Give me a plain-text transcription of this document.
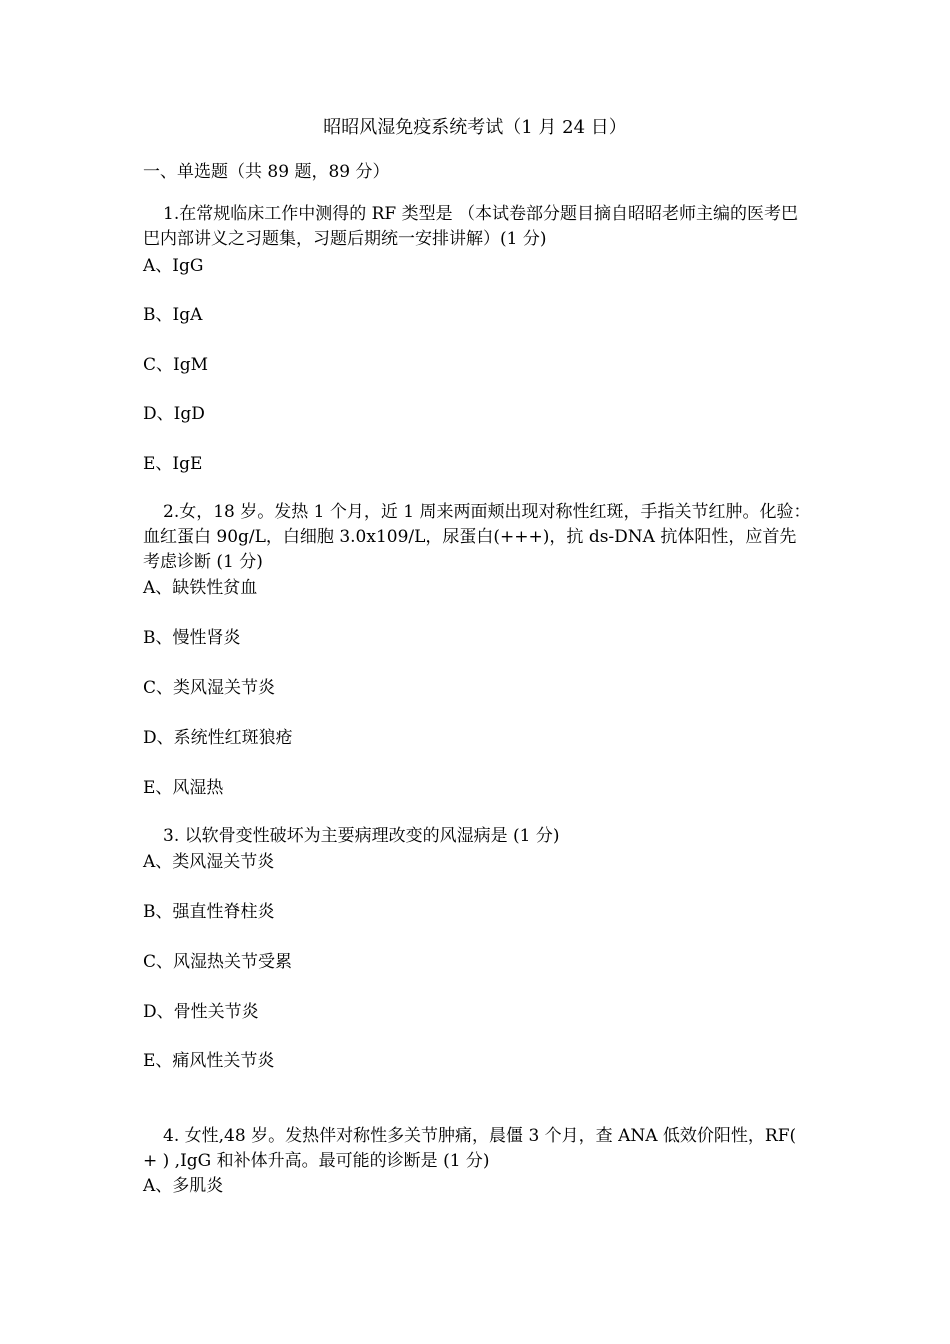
昭昭风湿免疫系统考试（1 月 24 日）
一、单选题（共 89 题，89 分）

1.在常规临床工作中测得的 RF 类型是 （本试卷部分题目摘自昭昭老师主编的医考巴巴内部讲义之习题集，习题后期统一安排讲解）(1 分)

A、IgG
B、IgA
C、IgM
D、IgD
E、IgE

2.女，18 岁。发热 1 个月，近 1 周来两面颊出现对称性红斑，手指关节红肿。化验：血红蛋白 90g/L，白细胞 3.0x109/L，尿蛋白(+++)，抗 ds-DNA 抗体阳性，应首先考虑诊断 (1 分)

A、缺铁性贫血
B、慢性肾炎
C、类风湿关节炎
D、系统性红斑狼疮
E、风湿热

3. 以软骨变性破坏为主要病理改变的风湿病是 (1 分)

A、类风湿关节炎
B、强直性脊柱炎
C、风湿热关节受累
D、骨性关节炎
E、痛风性关节炎

4. 女性,48 岁。发热伴对称性多关节肿痛，晨僵 3 个月，查 ANA 低效价阳性，RF( + ) ,IgG 和补体升高。最可能的诊断是 (1 分)

A、多肌炎
